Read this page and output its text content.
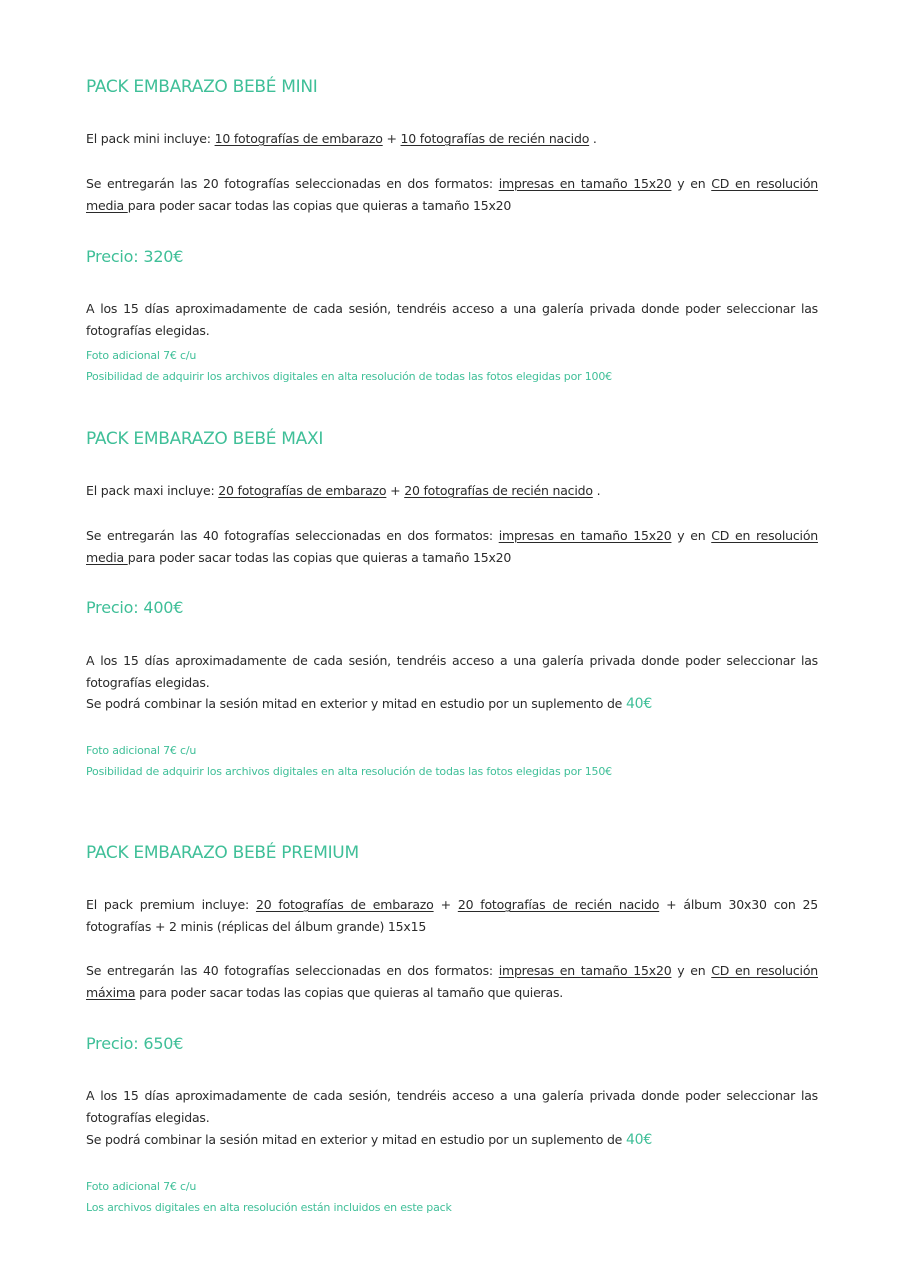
PACK EMBARAZO BEBÉ MINI

El pack mini incluye: 10 fotografías de embarazo + 10 fotografías de recién nacido .

Se entregarán las 20 fotografías seleccionadas en dos formatos: impresas en tamaño 15x20 y en CD en resolución media para poder sacar todas las copias que quieras a tamaño 15x20

Precio: 320€

A los 15 días aproximadamente de cada sesión, tendréis acceso a una galería privada donde poder seleccionar las fotografías elegidas.

Foto adicional 7€ c/u
Posibilidad de adquirir los archivos digitales en alta resolución de todas las fotos elegidas por 100€
PACK EMBARAZO BEBÉ MAXI

El pack maxi incluye: 20 fotografías de embarazo + 20 fotografías de recién nacido .

Se entregarán las 40 fotografías seleccionadas en dos formatos: impresas en tamaño 15x20 y en CD en resolución media para poder sacar todas las copias que quieras a tamaño 15x20

Precio: 400€

A los 15 días aproximadamente de cada sesión, tendréis acceso a una galería privada donde poder seleccionar las fotografías elegidas.

Se podrá combinar la sesión mitad en exterior y mitad en estudio por un suplemento de 40€

Foto adicional 7€ c/u
Posibilidad de adquirir los archivos digitales en alta resolución de todas las fotos elegidas por 150€
PACK EMBARAZO BEBÉ PREMIUM

El pack premium incluye: 20 fotografías de embarazo + 20 fotografías de recién nacido + álbum 30x30 con 25 fotografías + 2 minis (réplicas del álbum grande) 15x15

Se entregarán las 40 fotografías seleccionadas en dos formatos: impresas en tamaño 15x20 y en CD en resolución máxima para poder sacar todas las copias que quieras al tamaño que quieras.

Precio: 650€

A los 15 días aproximadamente de cada sesión, tendréis acceso a una galería privada donde poder seleccionar las fotografías elegidas.

Se podrá combinar la sesión mitad en exterior y mitad en estudio por un suplemento de 40€

Foto adicional 7€ c/u
Los archivos digitales en alta resolución están incluidos en este pack
